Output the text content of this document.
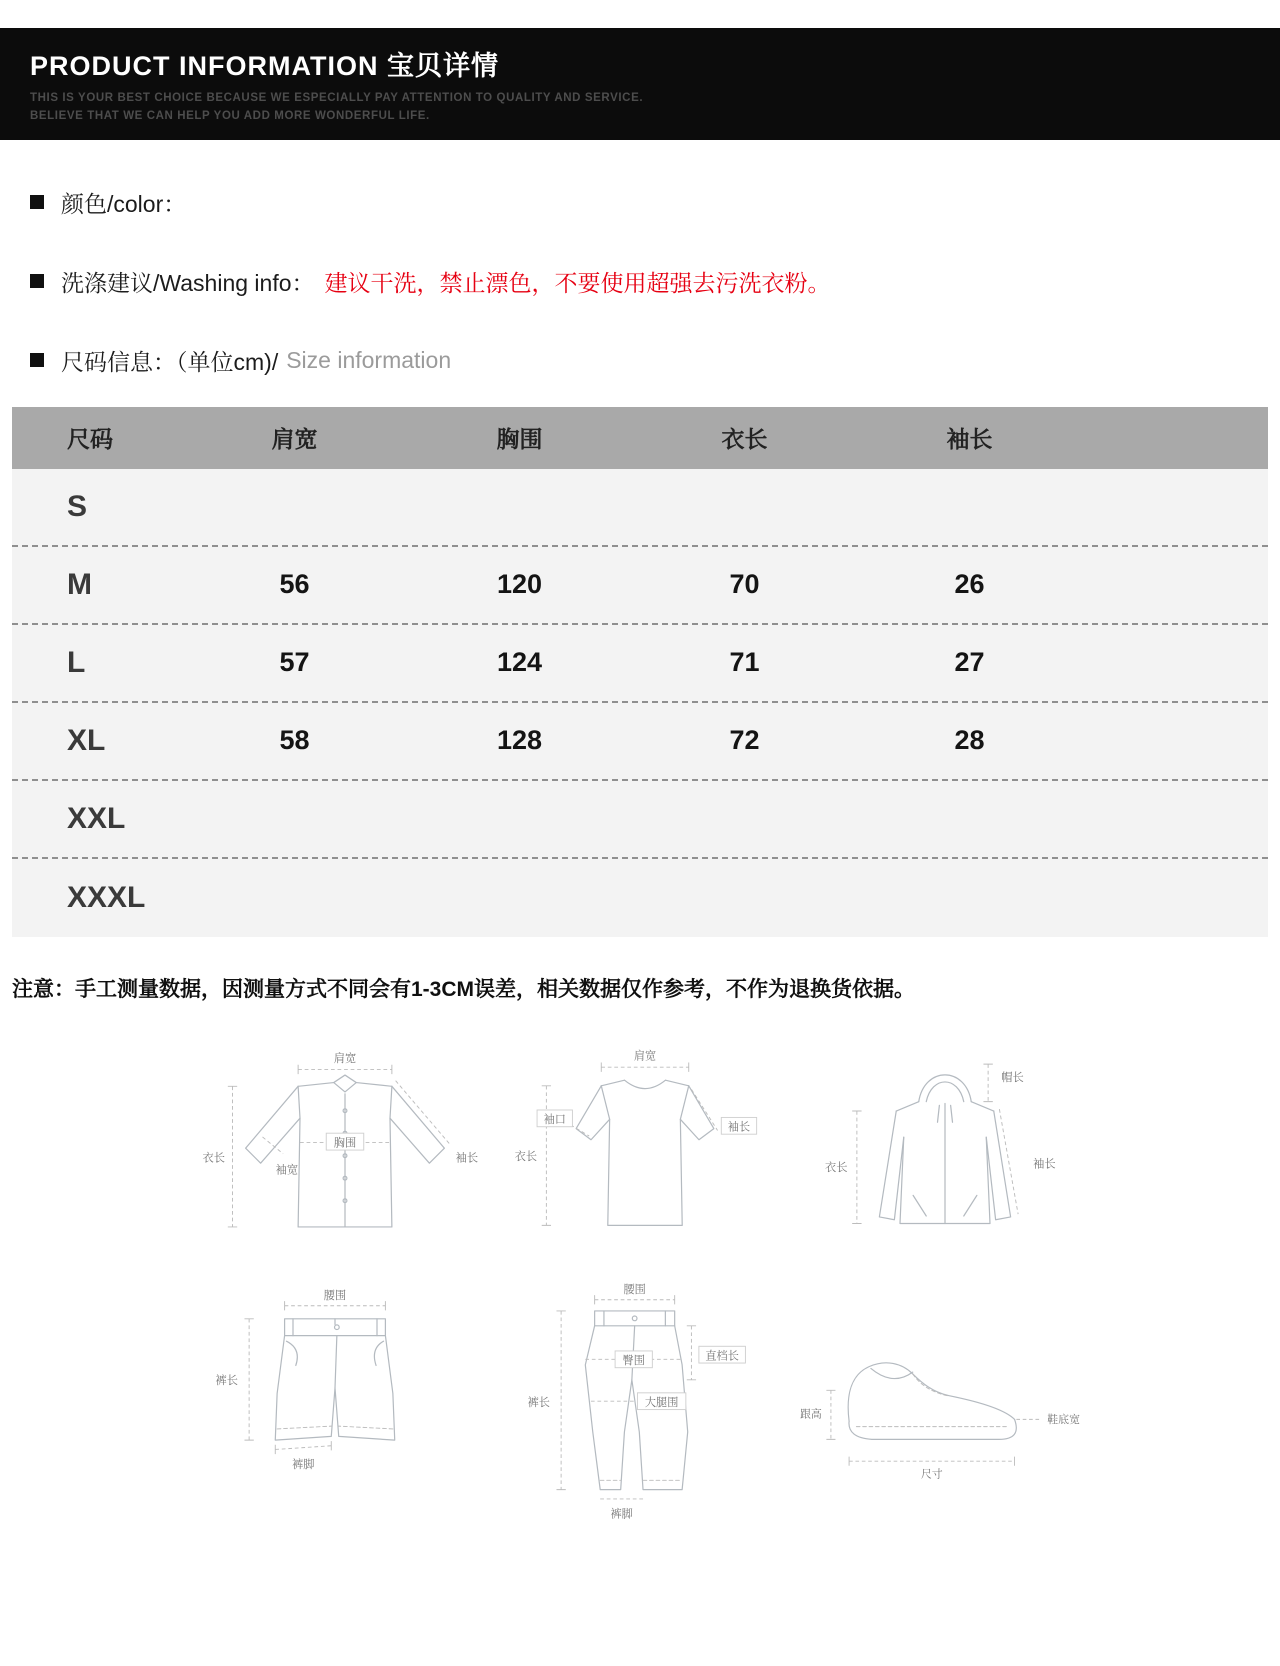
PRODUCT INFORMATION 宝贝详情
THIS IS YOUR BEST CHOICE BECAUSE WE ESPECIALLY PAY ATTENTION TO QUALITY AND SERVICE.
BELIEVE THAT WE CAN HELP YOU ADD MORE WONDERFUL LIFE.
颜色/color：
洗涤建议/Washing info： 建议干洗，禁止漂色，不要使用超强去污洗衣粉。
尺码信息：（单位cm)/ Size information
尺码	肩宽	胸围	衣长	袖长
S
M	56	120	70	26
L	57	124	71	27
XL	58	128	72	28
XXL
XXXL
注意：手工测量数据，因测量方式不同会有1-3CM误差，相关数据仅作参考，不作为退换货依据。
肩宽
胸围
袖宽
衣长	袖长
肩宽
袖口
袖长
衣长
帽长
衣长	袖长
腰围
裤长
裤脚
腰围
臀围	直档长
大腿围
裤长
裤脚
跟高	鞋底宽
尺寸
